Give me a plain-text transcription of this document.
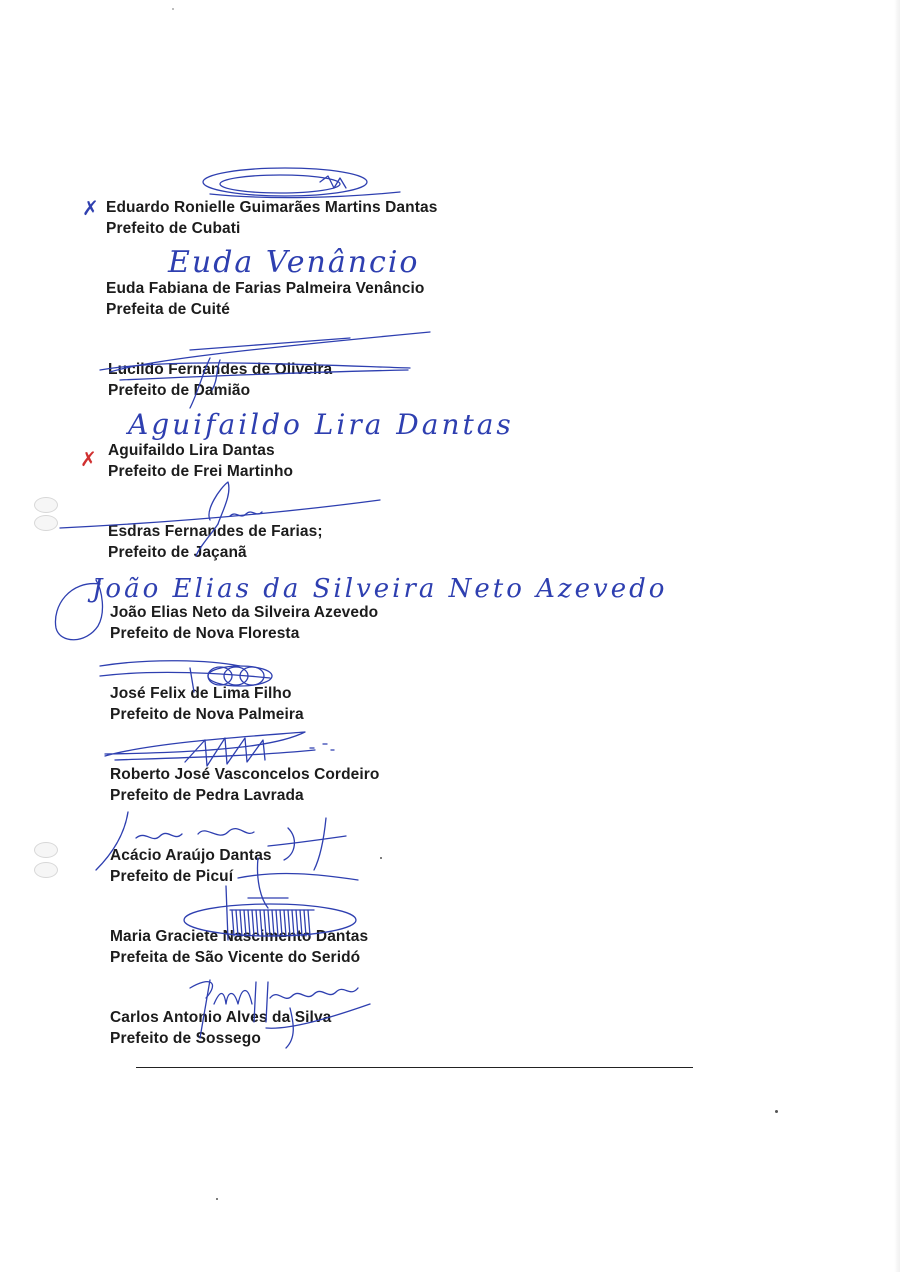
✗
✗

Eduardo Ronielle Guimarães Martins Dantas

Prefeito de Cubati

Euda Fabiana de Farias Palmeira Venâncio

Prefeita de Cuité

Euda Venâncio

Lucildo Fernandes de Oliveira

Prefeito de Damião

Aguifaildo Lira Dantas

Prefeito de Frei Martinho

Aguifaildo Lira Dantas

Esdras Fernandes de Farias;

Prefeito de Jaçanã

João Elias Neto da Silveira Azevedo

Prefeito de Nova Floresta

João Elias da Silveira Neto Azevedo

José Felix de Lima Filho

Prefeito de Nova Palmeira

Roberto José Vasconcelos Cordeiro

Prefeito de Pedra Lavrada

Acácio Araújo Dantas

Prefeito de Picuí

Maria Graciete Nascimento Dantas

Prefeita de São Vicente do Seridó

Carlos Antonio Alves da Silva

Prefeito de Sossego
